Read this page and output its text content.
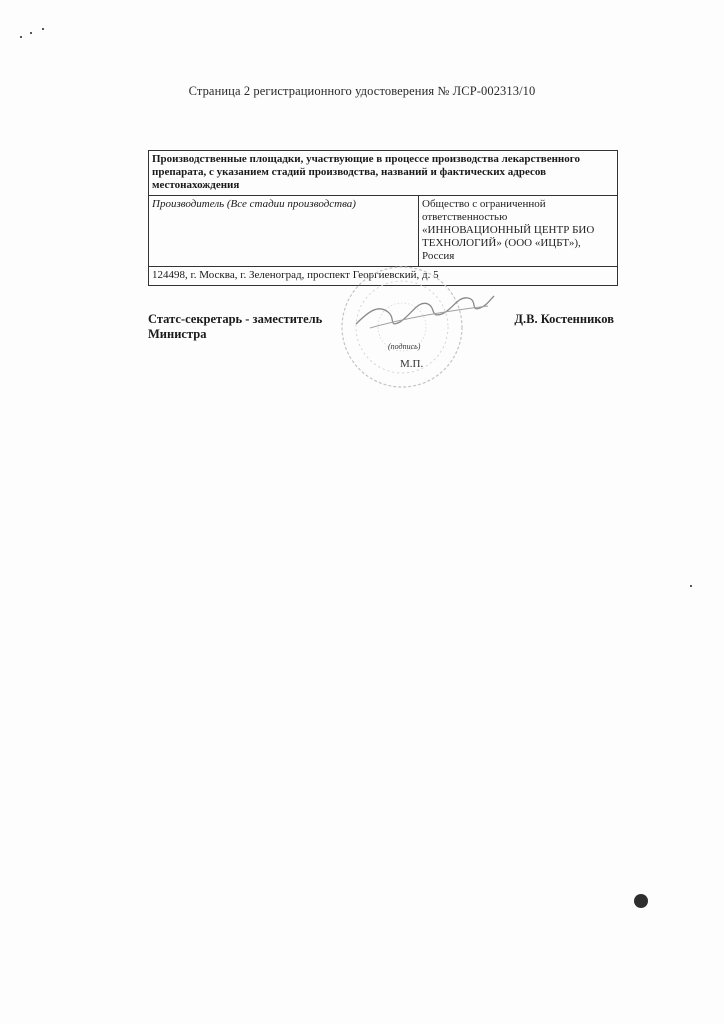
Страница 2 регистрационного удостоверения № ЛСР-002313/10
Производственные площадки, участвующие в процессе производства лекарственного препарата, с указанием стадий производства, названий и фактических адресов местонахождения
Производитель (Все стадии производства)	Общество с ограниченной ответственностью «ИННОВАЦИОННЫЙ ЦЕНТР БИО ТЕХНОЛОГИЙ» (ООО «ИЦБТ»), Россия
124498, г. Москва, г. Зеленоград, проспект Георгиевский, д. 5
Статс-секретарь - заместитель Министра
Д.В. Костенников
(подпись)
М.П.
